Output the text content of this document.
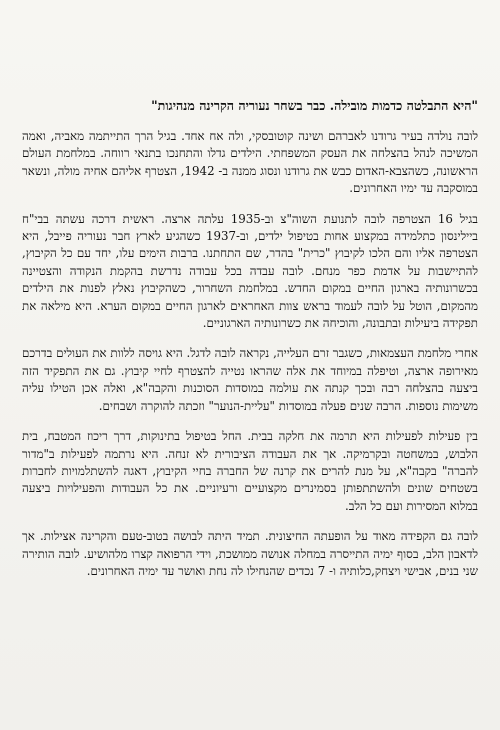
"היא התבלטה כדמות מובילה. כבר בשחר נעוריה הקרינה מנהיגות"

לובה נולדה בעיר גרודנו לאברהם ושינה קוטובסקי, ולה אח אחד. בגיל הרך התייתמה מאביה, ואמה המשיכה לנהל בהצלחה את העסק המשפחתי. הילדים גדלו והתחנכו בתנאי רווחה. במלחמת העולם הראשונה, כשהצבא-האדום כבש את גרודנו ונסוג ממנה ב- 1942, הצטרף אליהם אחיה מולה, ונשאר במוסקבה עד ימיו האחרונים.

בגיל 16 הצטרפה לובה לתנועת השוה"צ וב-1935 עלתה ארצה. ראשית דרכה עשתה בבי"ח ביילינסון כתלמידה במקצוע אחות בטיפול ילדים, וב-1937 כשהגיע לארץ חבר נעוריה פייבל, היא הצטרפה אליו והם הלכו לקיבוץ "כרית" בהדר, שם התחתנו. ברבות הימים עלו, יחד עם כל הקיבוץ, להתיישבות על אדמת כפר מנחם. לובה עבדה בכל עבודה נדרשת בהקמת הנקודה והצטיינה בכשרונותיה בארגון החיים במקום החדש. במלחמת השחרור, כשהקיבוץ נאלץ לפנות את הילדים מהמקום, הוטל על לובה לעמוד בראש צוות האחראים לארגון החיים במקום הערא. היא מילאה את תפקידה ביעילות ובתבונה, והוכיחה את כשרונותיה הארגוניים.

אחרי מלחמת העצמאות, כשגבר זרם העלייה, נקראה לובה לדגל. היא גויסה ללוות את העולים בדרכם מאירופה ארצה, וטיפלה במיוחד את אלה שהראו נטייה להצטרף לחיי קיבוץ. גם את התפקיד הזה ביצעה בהצלחה רבה ובכך קנתה את עולמה במוסדות הסוכנות והקבה"א, ואלה אכן הטילו עליה משימות נוספות. הרבה שנים פעלה במוסדות "עליית-הנוער" וזכתה להוקרה ושבחים.

בין פעילות לפעילות היא תרמה את חלקה בבית. החל בטיפול בתינוקות, דרך ריכוז המטבח, בית הלבוש, במשחטה ובקרמיקה. אך את העבודה הציבורית לא זנחה. היא נרתמה לפעילות ב"מדור להברה" בקבה"א, על מנת להרים את קרנה של החברה בחיי הקיבוץ, דאגה להשתלמויות לחברות בשטחים שונים ולהשתתפותן בסמינרים מקצועיים ורעיוניים. את כל העבודות והפעילויות ביצעה במלוא המסירות ועם כל הלב.

לובה גם הקפידה מאוד על הופעתה החיצונית. תמיד היתה לבושה בטוב-טעם והקרינה אצילות. אך לדאבון הלב, בסוף ימיה התייסרה במחלה אנושה ממושכת, וידי הרפואה קצרו מלהושיע. לובה הותירה שני בנים, אבישי ויצחק,כלותיה ו- 7 נכדים שהנחילו לה נחת ואושר עד ימיה האחרונים.
